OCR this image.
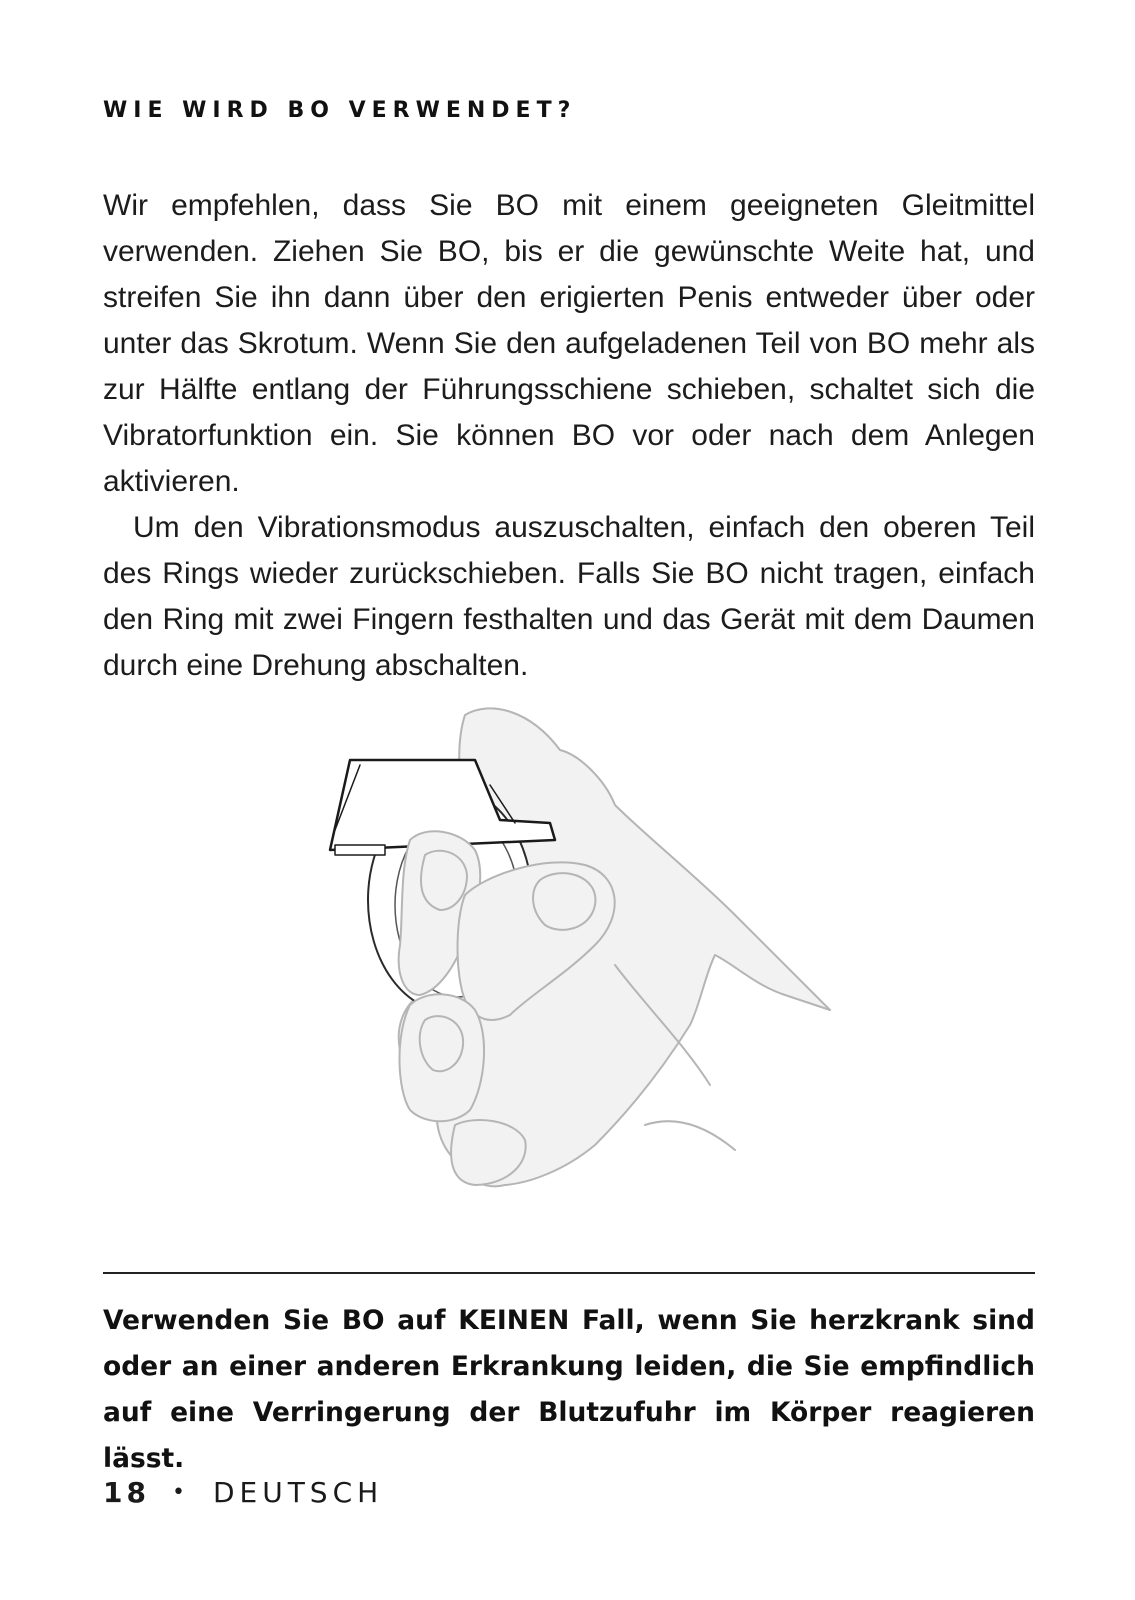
WIE WIRD BO VERWENDET?

Wir empfehlen, dass Sie BO mit einem geeigneten Gleitmittel verwenden. Ziehen Sie BO, bis er die gewünschte Weite hat, und streifen Sie ihn dann über den erigierten Penis entweder über oder unter das Skrotum. Wenn Sie den aufgeladenen Teil von BO mehr als zur Hälfte entlang der Führungsschiene schieben, schaltet sich die Vibratorfunktion ein. Sie können BO vor oder nach dem Anlegen aktivieren.

Um den Vibrationsmodus auszuschalten, einfach den oberen Teil des Rings wieder zurückschieben. Falls Sie BO nicht tragen, einfach den Ring mit zwei Fingern festhalten und das Gerät mit dem Daumen durch eine Drehung abschalten.

Verwenden Sie BO auf KEINEN Fall, wenn Sie herzkrank sind oder an einer anderen Erkrankung leiden, die Sie empfindlich auf eine Verringerung der Blutzufuhr im Körper reagieren lässt.

18 • DEUTSCH
